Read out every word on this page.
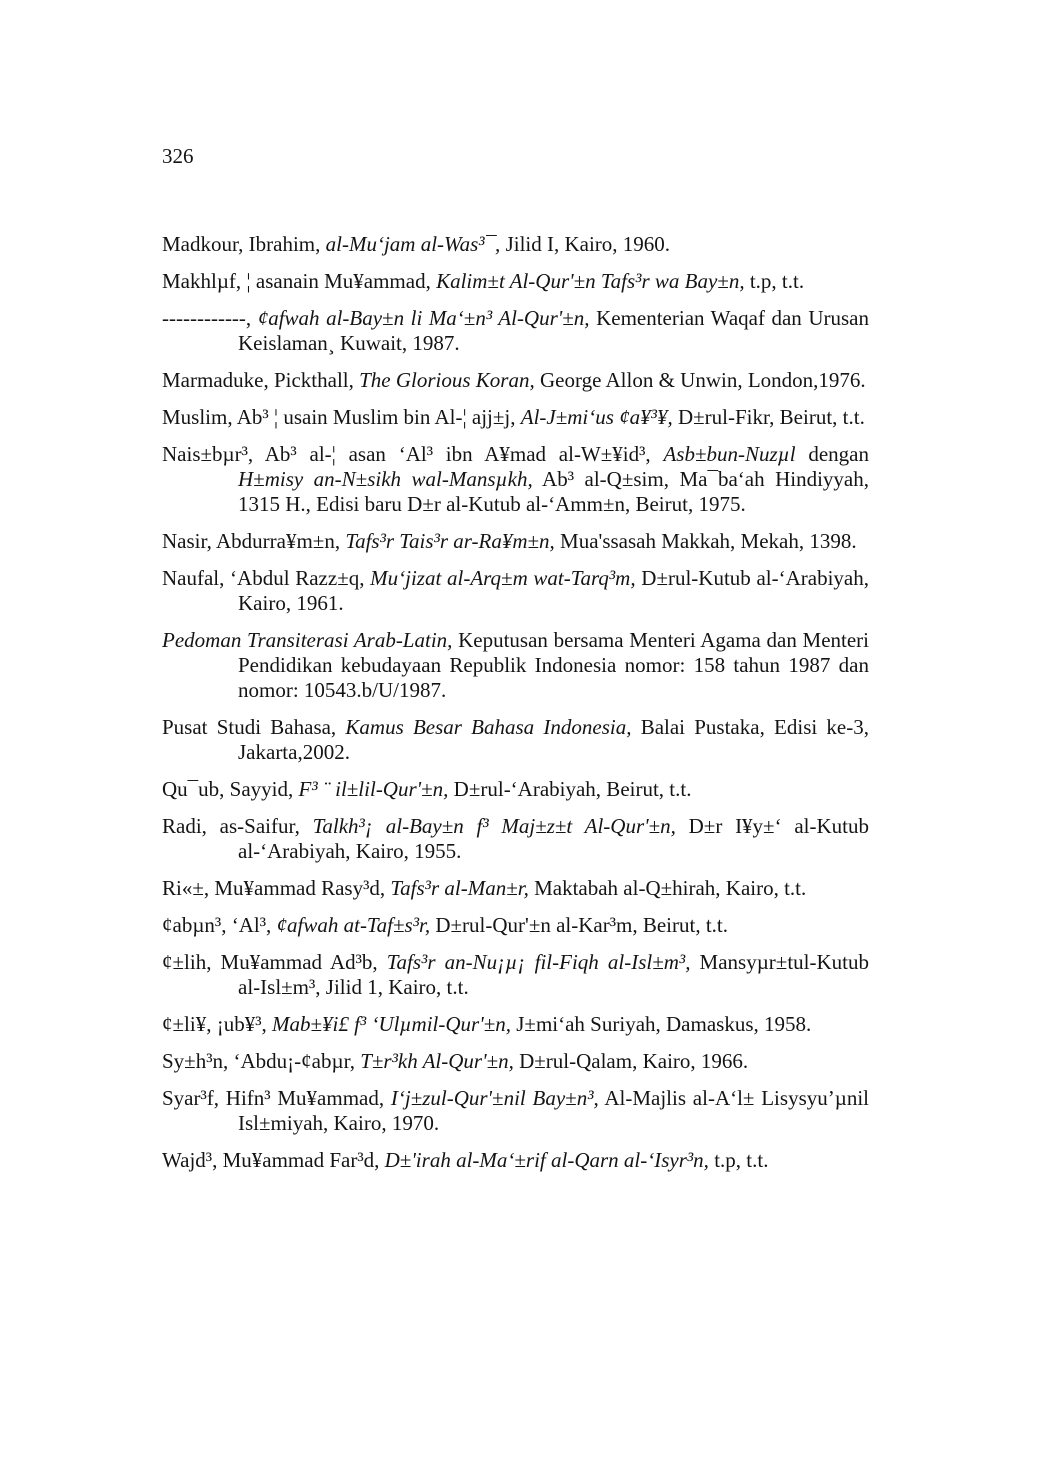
326
Madkour, Ibrahim, al-Mu‘jam al-Was³¯, Jilid I, Kairo, 1960.
Makhlµf, ¦ asanain Mu¥ammad, Kalim±t Al-Qur'±n Tafs³r wa Bay±n, t.p, t.t.
------------, ¢afwah al-Bay±n li Ma‘±n³ Al-Qur'±n, Kementerian Waqaf dan Urusan Keislaman¸ Kuwait, 1987.
Marmaduke, Pickthall, The Glorious Koran, George Allon & Unwin, London,1976.
Muslim, Ab³ ¦ usain Muslim bin Al-¦ ajj±j, Al-J±mi‘us ¢a¥³¥, D±rul-Fikr, Beirut, t.t.
Nais±bµr³, Ab³ al-¦ asan ‘Al³ ibn A¥mad al-W±¥id³, Asb±bun-Nuzµl dengan H±misy an-N±sikh wal-Mansµkh, Ab³ al-Q±sim, Ma¯ba‘ah Hindiyyah, 1315 H., Edisi baru D±r al-Kutub al-‘Amm±n, Beirut, 1975.
Nasir, Abdurra¥m±n, Tafs³r Tais³r ar-Ra¥m±n, Mua'ssasah Makkah, Mekah, 1398.
Naufal, ‘Abdul Razz±q, Mu‘jizat al-Arq±m wat-Tarq³m, D±rul-Kutub al-‘Arabiyah, Kairo, 1961.
Pedoman Transiterasi Arab-Latin, Keputusan bersama Menteri Agama dan Menteri Pendidikan kebudayaan Republik Indonesia nomor: 158 tahun 1987 dan nomor: 10543.b/U/1987.
Pusat Studi Bahasa, Kamus Besar Bahasa Indonesia, Balai Pustaka, Edisi ke-3, Jakarta,2002.
Qu¯ub, Sayyid, F³ ¨ il±lil-Qur'±n, D±rul-‘Arabiyah, Beirut, t.t.
Radi, as-Saifur, Talkh³¡ al-Bay±n f³ Maj±z±t Al-Qur'±n, D±r I¥y±‘ al-Kutub al-‘Arabiyah, Kairo, 1955.
Ri«±, Mu¥ammad Rasy³d, Tafs³r al-Man±r, Maktabah al-Q±hirah, Kairo, t.t.
¢abµn³, ‘Al³, ¢afwah at-Taf±s³r, D±rul-Qur'±n al-Kar³m, Beirut, t.t.
¢±lih, Mu¥ammad Ad³b, Tafs³r an-Nu¡µ¡ fil-Fiqh al-Isl±m³, Mansyµr±tul-Kutub al-Isl±m³, Jilid 1, Kairo, t.t.
¢±li¥, ¡ub¥³, Mab±¥i£ f³ ‘Ulµmil-Qur'±n, J±mi‘ah Suriyah, Damaskus, 1958.
Sy±h³n, ‘Abdu¡-¢abµr, T±r³kh Al-Qur'±n, D±rul-Qalam, Kairo, 1966.
Syar³f, Hifn³ Mu¥ammad, I‘j±zul-Qur'±nil Bay±n³, Al-Majlis al-A‘l± Lisysyu’µnil Isl±miyah, Kairo, 1970.
Wajd³, Mu¥ammad Far³d, D±'irah al-Ma‘±rif al-Qarn al-‘Isyr³n, t.p, t.t.
